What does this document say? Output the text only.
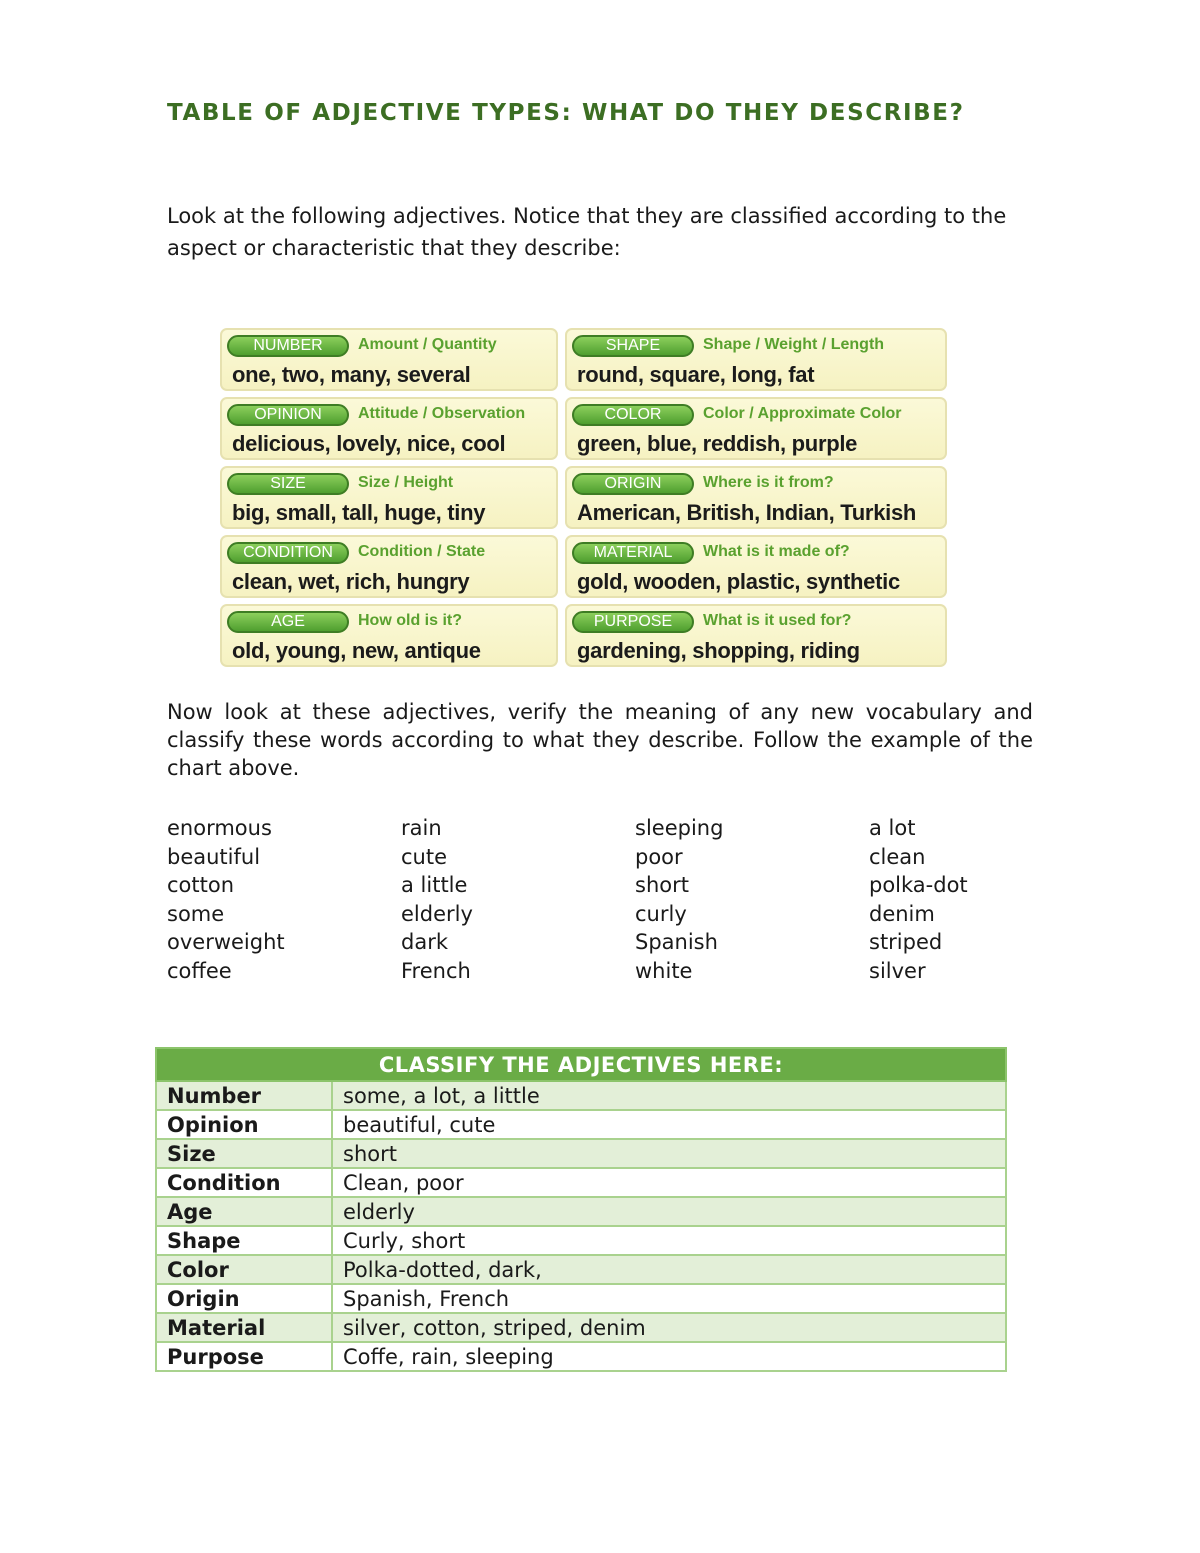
TABLE OF ADJECTIVE TYPES: WHAT DO THEY DESCRIBE?

Look at the following adjectives. Notice that they are classified according to the aspect or characteristic that they describe:

NUMBER	Amount / Quantity
one, two, many, several
OPINION	Attitude / Observation
delicious, lovely, nice, cool
SIZE	Size / Height
big, small, tall, huge, tiny
CONDITION	Condition / State
clean, wet, rich, hungry
AGE	How old is it?
old, young, new, antique
SHAPE	Shape / Weight / Length
round, square, long, fat
COLOR	Color / Approximate Color
green, blue, reddish, purple
ORIGIN	Where is it from?
American, British, Indian, Turkish
MATERIAL	What is it made of?
gold, wooden, plastic, synthetic
PURPOSE	What is it used for?
gardening, shopping, riding

Now look at these adjectives, verify the meaning of any new vocabulary and classify these words according to what they describe. Follow the example of the chart above.

enormous
beautiful
cotton
some
overweight
coffee
rain
cute
a little
elderly
dark
French
sleeping
poor
short
curly
Spanish
white
a lot
clean
polka-dot
denim
striped
silver
CLASSIFY THE ADJECTIVES HERE:	
Number	some, a lot, a little
Opinion	beautiful, cute
Size	short
Condition	Clean, poor
Age	elderly
Shape	Curly, short
Color	Polka-dotted, dark,
Origin	Spanish, French
Material	silver, cotton, striped, denim
Purpose	Coffe, rain, sleeping
